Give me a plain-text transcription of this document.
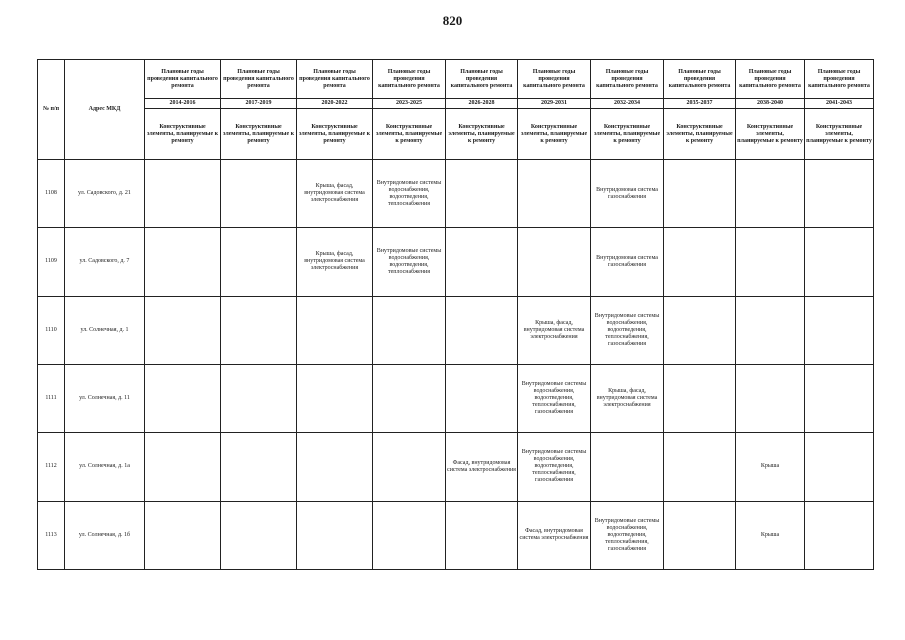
820
№ п/п	Адрес МКД	Плановые годы проведения капитального ремонта	Плановые годы проведения капитального ремонта	Плановые годы проведения капитального ремонта	Плановые годы проведения капитального ремонта	Плановые годы проведения капитального ремонта	Плановые годы проведения капитального ремонта	Плановые годы проведения капитального ремонта	Плановые годы проведения капитального ремонта	Плановые годы проведения капитального ремонта	Плановые годы проведения капитального ремонта
		2014-2016	2017-2019	2020-2022	2023-2025	2026-2028	2029-2031	2032-2034	2035-2037	2038-2040	2041-2043
		Конструктивные элементы, планируемые к ремонту	Конструктивные элементы, планируемые к ремонту	Конструктивные элементы, планируемые к ремонту	Конструктивные элементы, планируемые к ремонту	Конструктивные элементы, планируемые к ремонту	Конструктивные элементы, планируемые к ремонту	Конструктивные элементы, планируемые к ремонту	Конструктивные элементы, планируемые к ремонту	Конструктивные элементы, планируемые к ремонту	Конструктивные элементы, планируемые к ремонту
1108	ул. Садовского, д. 21			Крыша, фасад, внутридомовая система электроснабжения	Внутридомовые системы водоснабжения, водоотведения, теплоснабжения			Внутридомовая система газоснабжения			
1109	ул. Садовского, д. 7			Крыша, фасад, внутридомовая система электроснабжения	Внутридомовые системы водоснабжения, водоотведения, теплоснабжения			Внутридомовая система газоснабжения			
1110	ул. Солнечная, д. 1						Крыша, фасад, внутридомовая система электроснабжения	Внутридомовые системы водоснабжения, водоотведения, теплоснабжения, газоснабжения			
1111	ул. Солнечная, д. 11						Внутридомовые системы водоснабжения, водоотведения, теплоснабжения, газоснабжения	Крыша, фасад, внутридомовая система электроснабжения			
1112	ул. Солнечная, д. 1а					Фасад, внутридомовая система электроснабжения	Внутридомовые системы водоснабжения, водоотведения, теплоснабжения, газоснабжения			Крыша	
1113	ул. Солнечная, д. 1б						Фасад, внутридомовая система электроснабжения	Внутридомовые системы водоснабжения, водоотведения, теплоснабжения, газоснабжения		Крыша	
